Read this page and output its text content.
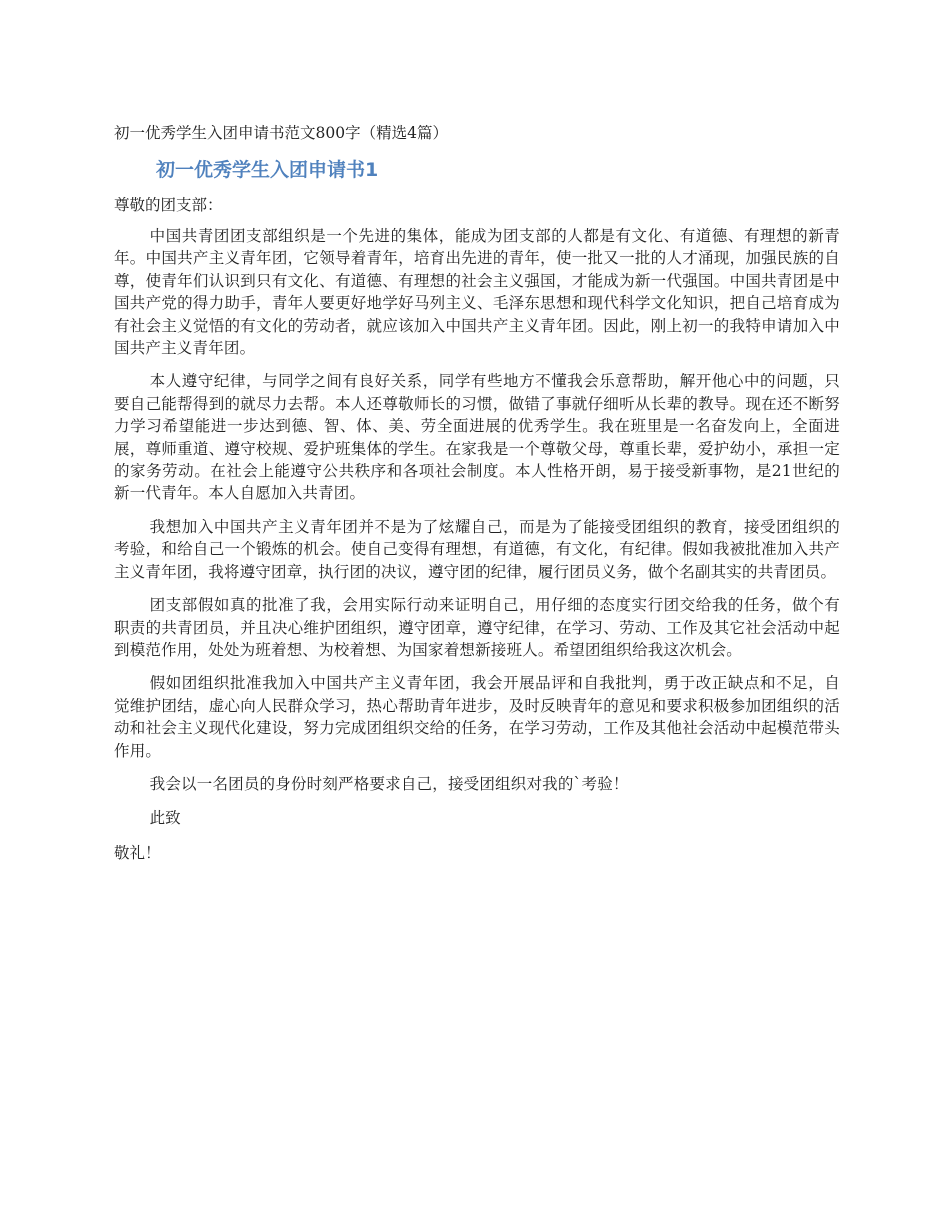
初一优秀学生入团申请书范文800字（精选4篇）
初一优秀学生入团申请书1
尊敬的团支部：

中国共青团团支部组织是一个先进的集体，能成为团支部的人都是有文化、有道德、有理想的新青年。中国共产主义青年团，它领导着青年，培育出先进的青年，使一批又一批的人才涌现，加强民族的自尊，使青年们认识到只有文化、有道德、有理想的社会主义强国，才能成为新一代强国。中国共青团是中国共产党的得力助手，青年人要更好地学好马列主义、毛泽东思想和现代科学文化知识，把自己培育成为有社会主义觉悟的有文化的劳动者，就应该加入中国共产主义青年团。因此，刚上初一的我特申请加入中国共产主义青年团。

本人遵守纪律，与同学之间有良好关系，同学有些地方不懂我会乐意帮助，解开他心中的问题，只要自己能帮得到的就尽力去帮。本人还尊敬师长的习惯，做错了事就仔细听从长辈的教导。现在还不断努力学习希望能进一步达到德、智、体、美、劳全面进展的优秀学生。我在班里是一名奋发向上，全面进展，尊师重道、遵守校规、爱护班集体的学生。在家我是一个尊敬父母，尊重长辈，爱护幼小，承担一定的家务劳动。在社会上能遵守公共秩序和各项社会制度。本人性格开朗，易于接受新事物，是21世纪的新一代青年。本人自愿加入共青团。

我想加入中国共产主义青年团并不是为了炫耀自己，而是为了能接受团组织的教育，接受团组织的考验，和给自己一个锻炼的机会。使自己变得有理想，有道德，有文化，有纪律。假如我被批准加入共产主义青年团，我将遵守团章，执行团的决议，遵守团的纪律，履行团员义务，做个名副其实的共青团员。

团支部假如真的批准了我，会用实际行动来证明自己，用仔细的态度实行团交给我的任务，做个有职责的共青团员，并且决心维护团组织，遵守团章，遵守纪律，在学习、劳动、工作及其它社会活动中起到模范作用，处处为班着想、为校着想、为国家着想新接班人。希望团组织给我这次机会。

假如团组织批准我加入中国共产主义青年团，我会开展品评和自我批判，勇于改正缺点和不足，自觉维护团结，虚心向人民群众学习，热心帮助青年进步，及时反映青年的意见和要求积极参加团组织的活动和社会主义现代化建设，努力完成团组织交给的任务，在学习劳动，工作及其他社会活动中起模范带头作用。

我会以一名团员的身份时刻严格要求自己，接受团组织对我的`考验！

此致
敬礼！
